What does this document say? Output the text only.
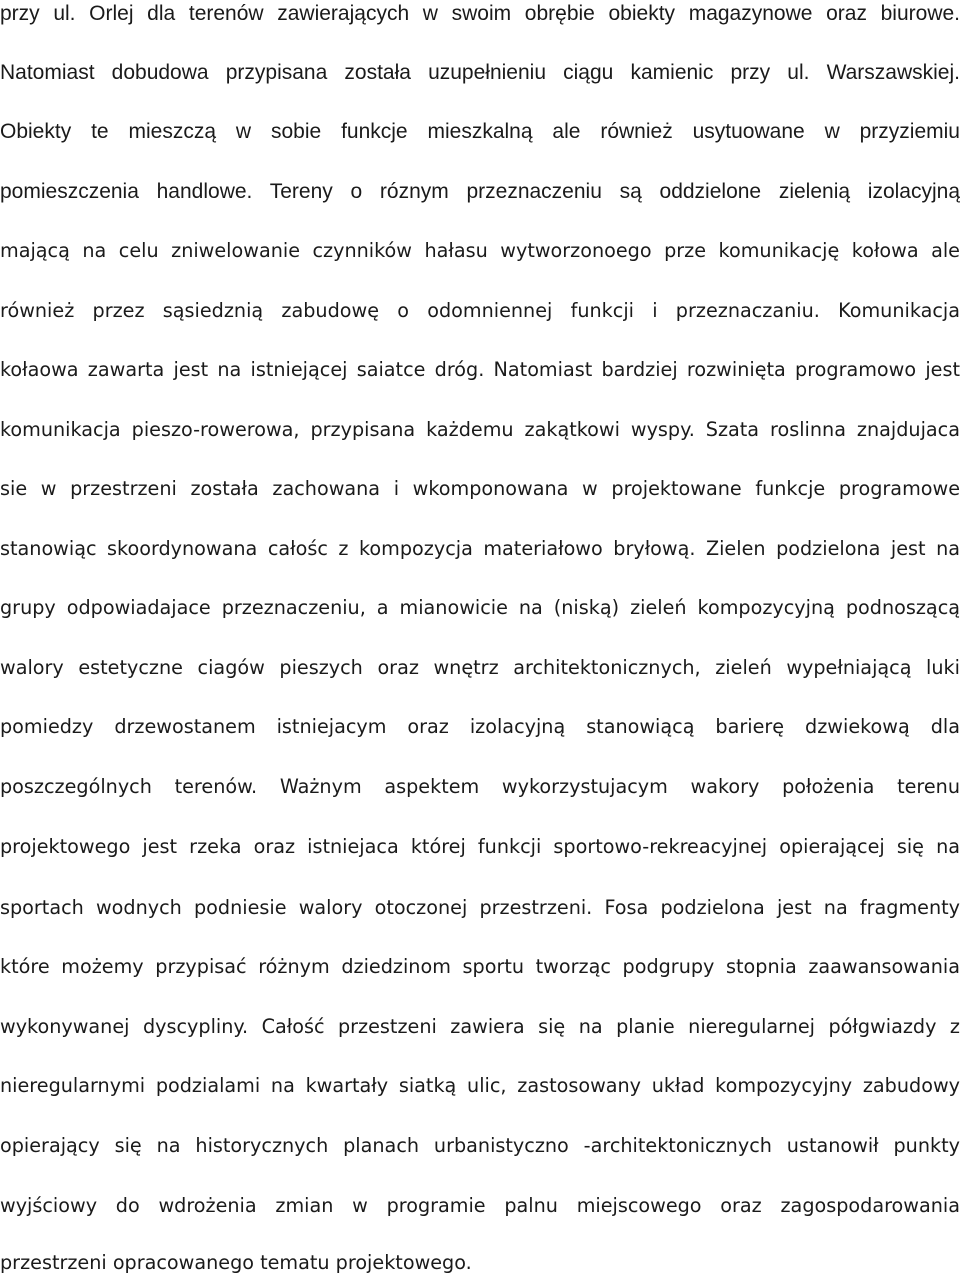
przy ul. Orlej dla terenów zawierających w swoim obrębie obiekty magazynowe oraz biurowe.

Natomiast dobudowa przypisana została uzupełnieniu ciągu kamienic przy ul. Warszawskiej.

Obiekty te mieszczą w sobie funkcje mieszkalną ale również usytuowane w przyziemiu

pomieszczenia handlowe. Tereny o róznym przeznaczeniu są oddzielone zielenią izolacyjną

mającą na celu zniwelowanie czynników hałasu wytworzonoego prze komunikację kołowa ale

również przez sąsiedznią zabudowę o odomniennej funkcji i przeznaczaniu. Komunikacja

kołaowa zawarta jest na istniejącej saiatce dróg. Natomiast bardziej rozwinięta programowo jest

komunikacja pieszo-rowerowa, przypisana każdemu zakątkowi wyspy. Szata roslinna znajdujaca

sie w przestrzeni została zachowana i wkomponowana w projektowane funkcje programowe

stanowiąc skoordynowana całośc z kompozycja materiałowo bryłową. Zielen podzielona jest na

grupy odpowiadajace przeznaczeniu, a mianowicie na (niską) zieleń kompozycyjną podnoszącą

walory estetyczne ciagów pieszych oraz wnętrz architektonicznych, zieleń wypełniającą luki

pomiedzy drzewostanem istniejacym oraz izolacyjną stanowiącą barierę dzwiekową dla

poszczególnych terenów. Ważnym aspektem wykorzystujacym wakory położenia terenu

projektowego jest rzeka oraz istniejaca której funkcji sportowo-rekreacyjnej opierającej się na

sportach wodnych podniesie walory otoczonej przestrzeni. Fosa podzielona jest na fragmenty

które możemy przypisać różnym dziedzinom sportu tworząc podgrupy stopnia zaawansowania

wykonywanej dyscypliny. Całość przestzeni zawiera się na planie nieregularnej półgwiazdy z

nieregularnymi podzialami na kwartały siatką ulic, zastosowany układ kompozycyjny zabudowy

opierający się na historycznych planach urbanistyczno -architektonicznych ustanowił punkty

wyjściowy do wdrożenia zmian w programie palnu miejscowego oraz zagospodarowania

przestrzeni opracowanego tematu projektowego.
